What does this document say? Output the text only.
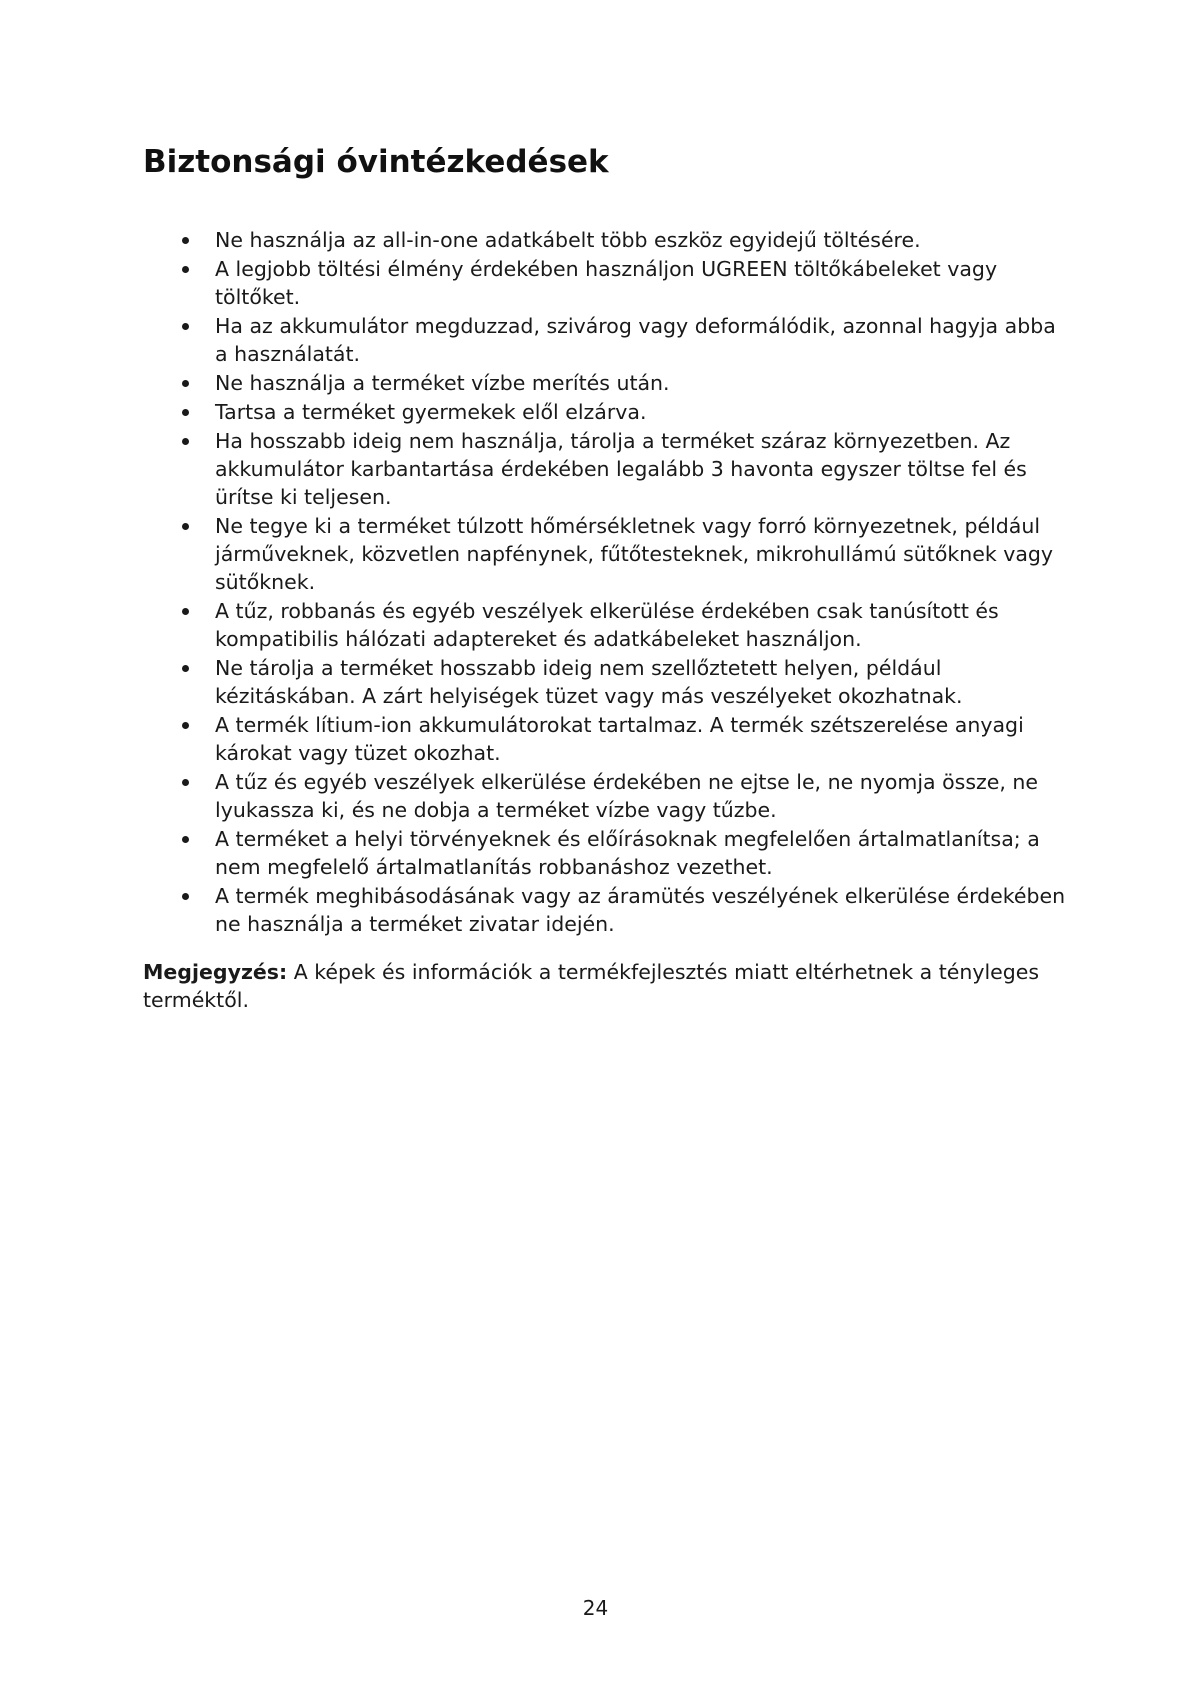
Biztonsági óvintézkedések
Ne használja az all-in-one adatkábelt több eszköz egyidejű töltésére.
A legjobb töltési élmény érdekében használjon UGREEN töltőkábeleket vagy töltőket.
Ha az akkumulátor megduzzad, szivárog vagy deformálódik, azonnal hagyja abba a használatát.
Ne használja a terméket vízbe merítés után.
Tartsa a terméket gyermekek elől elzárva.
Ha hosszabb ideig nem használja, tárolja a terméket száraz környezetben. Az akkumulátor karbantartása érdekében legalább 3 havonta egyszer töltse fel és ürítse ki teljesen.
Ne tegye ki a terméket túlzott hőmérsékletnek vagy forró környezetnek, például járműveknek, közvetlen napfénynek, fűtőtesteknek, mikrohullámú sütőknek vagy sütőknek.
A tűz, robbanás és egyéb veszélyek elkerülése érdekében csak tanúsított és kompatibilis hálózati adaptereket és adatkábeleket használjon.
Ne tárolja a terméket hosszabb ideig nem szellőztetett helyen, például kézitáskában. A zárt helyiségek tüzet vagy más veszélyeket okozhatnak.
A termék lítium-ion akkumulátorokat tartalmaz. A termék szétszerelése anyagi károkat vagy tüzet okozhat.
A tűz és egyéb veszélyek elkerülése érdekében ne ejtse le, ne nyomja össze, ne lyukassza ki, és ne dobja a terméket vízbe vagy tűzbe.
A terméket a helyi törvényeknek és előírásoknak megfelelően ártalmatlanítsa; a nem megfelelő ártalmatlanítás robbanáshoz vezethet.
A termék meghibásodásának vagy az áramütés veszélyének elkerülése érdekében ne használja a terméket zivatar idején.

Megjegyzés: A képek és információk a termékfejlesztés miatt eltérhetnek a tényleges terméktől.

24
